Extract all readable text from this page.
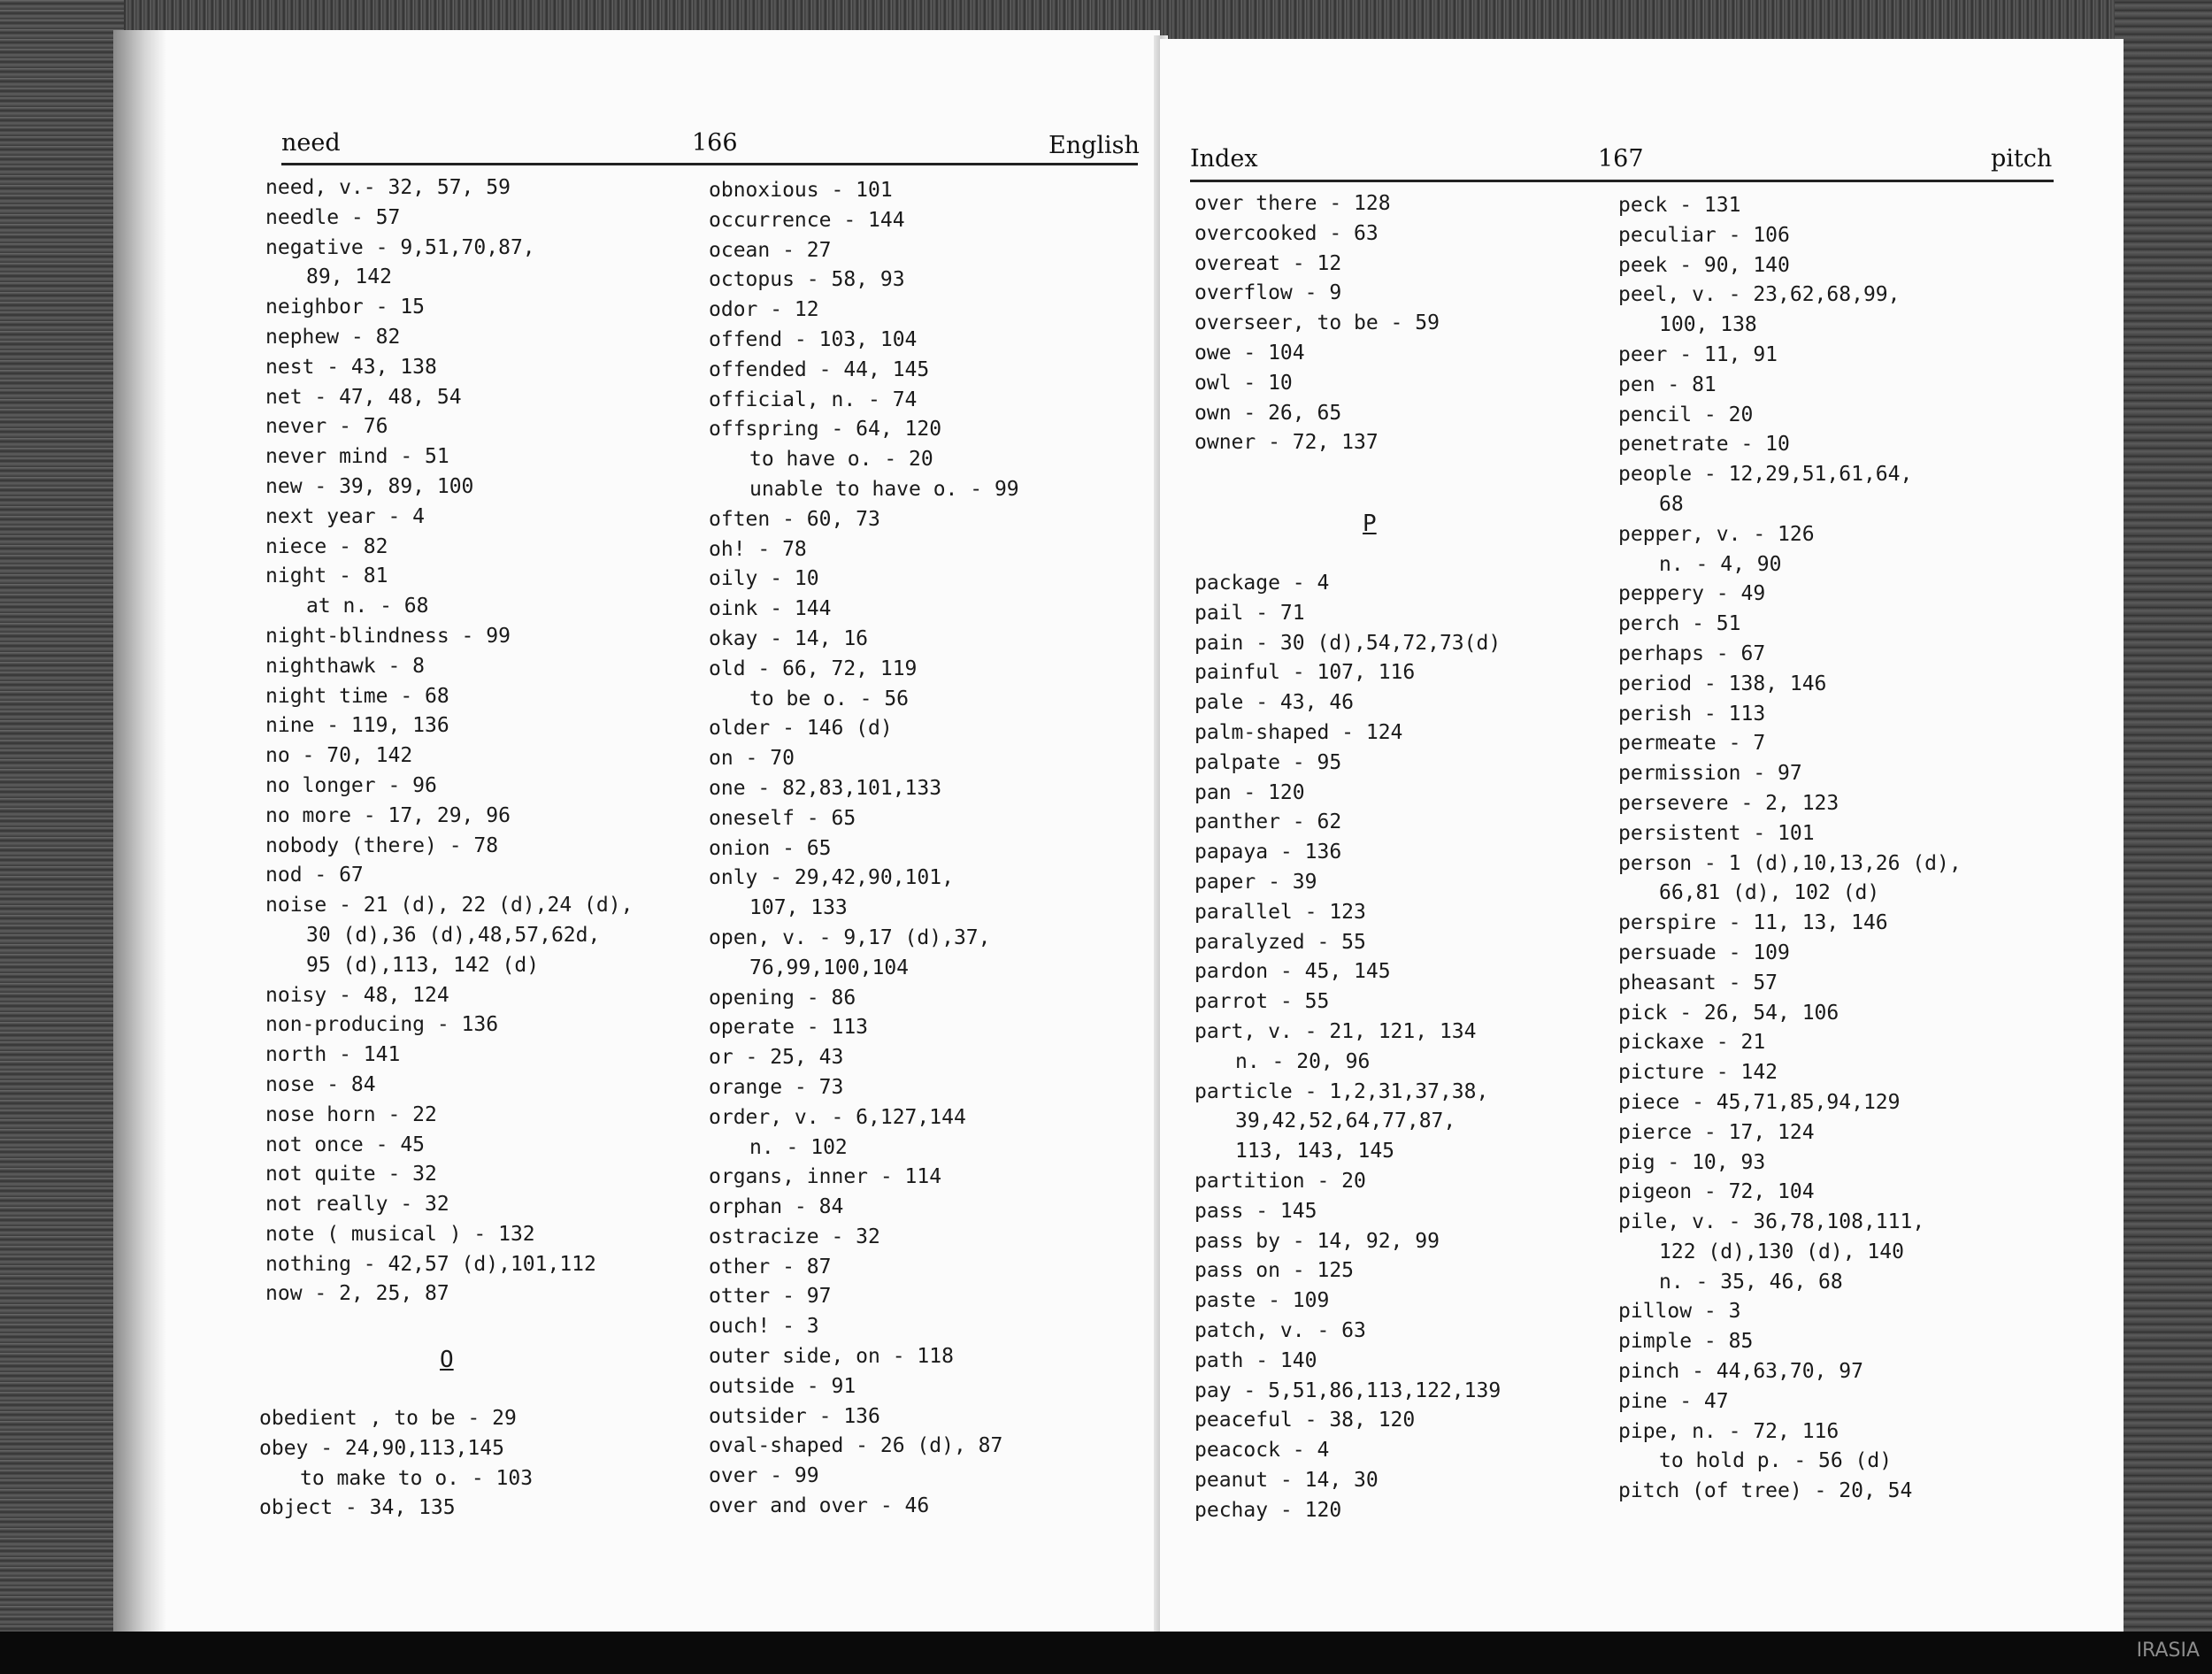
need	166	English
need, v.- 32, 57, 59
needle - 57
negative - 9,51,70,87,
89, 142
neighbor - 15
nephew - 82
nest - 43, 138
net - 47, 48, 54
never - 76
never mind - 51
new - 39, 89, 100
next year - 4
niece - 82
night - 81
at n. - 68
night-blindness - 99
nighthawk - 8
night time - 68
nine - 119, 136
no - 70, 142
no longer - 96
no more - 17, 29, 96
nobody (there) - 78
nod - 67
noise - 21 (d), 22 (d),24 (d),
30 (d),36 (d),48,57,62d,
95 (d),113, 142 (d)
noisy - 48, 124
non-producing - 136
north - 141
nose - 84
nose horn - 22
not once - 45
not quite - 32
not really - 32
note ( musical ) - 132
nothing - 42,57 (d),101,112
now - 2, 25, 87
O
obedient , to be - 29
obey - 24,90,113,145
to make to o. - 103
object - 34, 135
obnoxious - 101
occurrence - 144
ocean - 27
octopus - 58, 93
odor - 12
offend - 103, 104
offended - 44, 145
official, n. - 74
offspring - 64, 120
to have o. - 20
unable to have o. - 99
often - 60, 73
oh! - 78
oily - 10
oink - 144
okay - 14, 16
old - 66, 72, 119
to be o. - 56
older - 146 (d)
on - 70
one - 82,83,101,133
oneself - 65
onion - 65
only - 29,42,90,101,
107, 133
open, v. - 9,17 (d),37,
76,99,100,104
opening - 86
operate - 113
or - 25, 43
orange - 73
order, v. - 6,127,144
n. - 102
organs, inner - 114
orphan - 84
ostracize - 32
other - 87
otter - 97
ouch! - 3
outer side, on - 118
outside - 91
outsider - 136
oval-shaped - 26 (d), 87
over - 99
over and over - 46
Index	167	pitch
over there - 128
overcooked - 63
overeat - 12
overflow - 9
overseer, to be - 59
owe - 104
owl - 10
own - 26, 65
owner - 72, 137
P
package - 4
pail - 71
pain - 30 (d),54,72,73(d)
painful - 107, 116
pale - 43, 46
palm-shaped - 124
palpate - 95
pan - 120
panther - 62
papaya - 136
paper - 39
parallel - 123
paralyzed - 55
pardon - 45, 145
parrot - 55
part, v. - 21, 121, 134
n. - 20, 96
particle - 1,2,31,37,38,
39,42,52,64,77,87,
113, 143, 145
partition - 20
pass - 145
pass by - 14, 92, 99
pass on - 125
paste - 109
patch, v. - 63
path - 140
pay - 5,51,86,113,122,139
peaceful - 38, 120
peacock - 4
peanut - 14, 30
pechay - 120
peck - 131
peculiar - 106
peek - 90, 140
peel, v. - 23,62,68,99,
100, 138
peer - 11, 91
pen - 81
pencil - 20
penetrate - 10
people - 12,29,51,61,64,
68
pepper, v. - 126
n. - 4, 90
peppery - 49
perch - 51
perhaps - 67
period - 138, 146
perish - 113
permeate - 7
permission - 97
persevere - 2, 123
persistent - 101
person - 1 (d),10,13,26 (d),
66,81 (d), 102 (d)
perspire - 11, 13, 146
persuade - 109
pheasant - 57
pick - 26, 54, 106
pickaxe - 21
picture - 142
piece - 45,71,85,94,129
pierce - 17, 124
pig - 10, 93
pigeon - 72, 104
pile, v. - 36,78,108,111,
122 (d),130 (d), 140
n. - 35, 46, 68
pillow - 3
pimple - 85
pinch - 44,63,70, 97
pine - 47
pipe, n. - 72, 116
to hold p. - 56 (d)
pitch (of tree) - 20, 54
IRASIA
